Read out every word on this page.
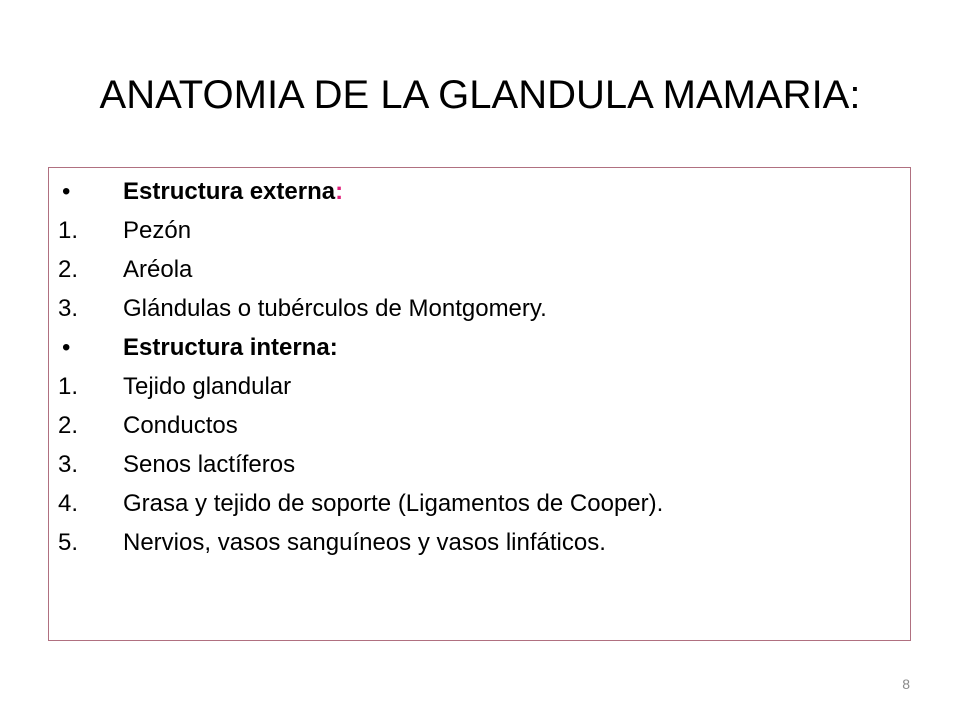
ANATOMIA DE LA GLANDULA MAMARIA:
•	Estructura externa:
1.	Pezón
2.	Aréola
3.	Glándulas o tubérculos de Montgomery.
•	Estructura interna:
1.	Tejido glandular
2.	Conductos
3.	Senos lactíferos
4.	Grasa y tejido de soporte (Ligamentos de Cooper).
5.	Nervios, vasos sanguíneos y vasos linfáticos.
8
